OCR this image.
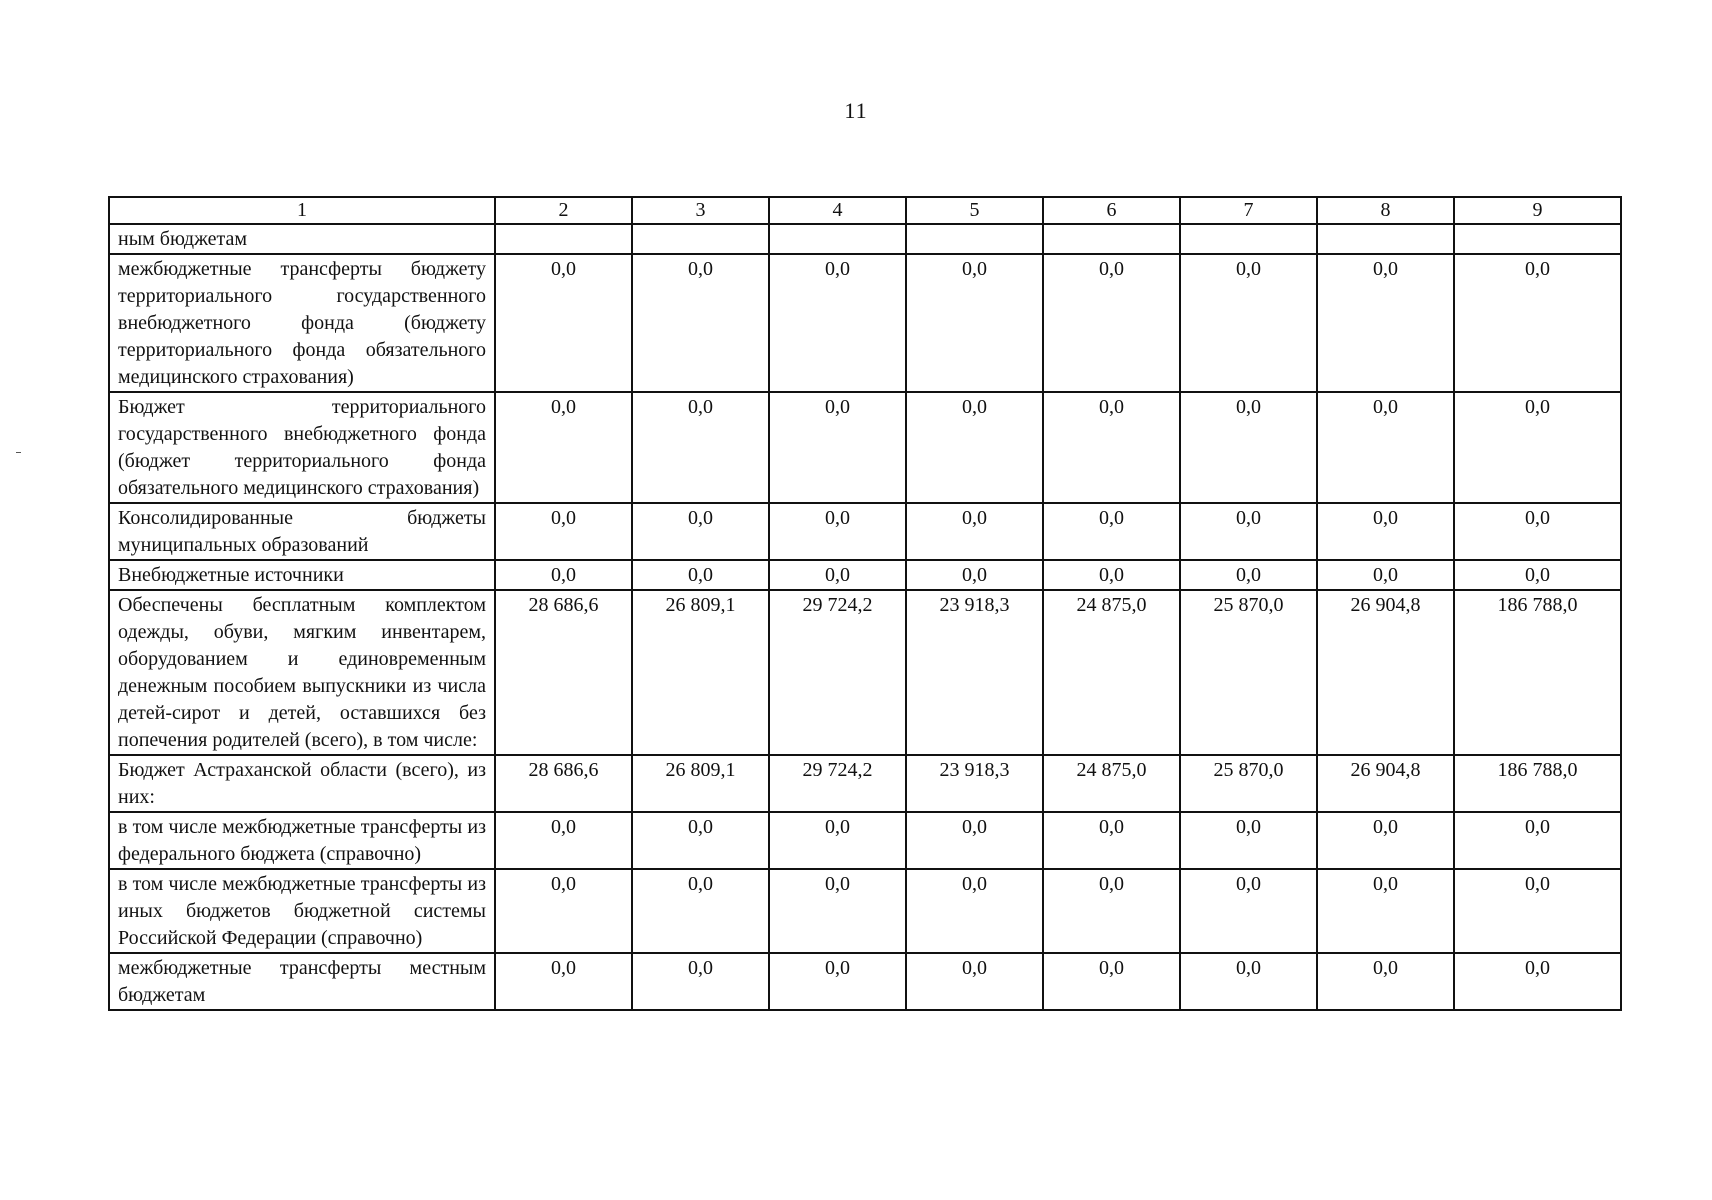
11
1	2	3	4	5	6	7	8	9
ным бюджетам								
межбюджетные трансферты бюджету территориального государственного внебюджетного фонда (бюджету территориального фонда обязательного медицинского страхования)	0,0	0,0	0,0	0,0	0,0	0,0	0,0	0,0
Бюджет территориального государственного внебюджетного фонда (бюджет территориального фонда обязательного медицинского страхования)	0,0	0,0	0,0	0,0	0,0	0,0	0,0	0,0
Консолидированные бюджеты муниципальных образований	0,0	0,0	0,0	0,0	0,0	0,0	0,0	0,0
Внебюджетные источники	0,0	0,0	0,0	0,0	0,0	0,0	0,0	0,0
Обеспечены бесплатным комплектом одежды, обуви, мягким инвентарем, оборудованием и единовременным денежным пособием выпускники из числа детей-сирот и детей, оставшихся без попечения родителей (всего), в том числе:	28 686,6	26 809,1	29 724,2	23 918,3	24 875,0	25 870,0	26 904,8	186 788,0
Бюджет Астраханской области (всего), из них:	28 686,6	26 809,1	29 724,2	23 918,3	24 875,0	25 870,0	26 904,8	186 788,0
в том числе межбюджетные трансферты из федерального бюджета (справочно)	0,0	0,0	0,0	0,0	0,0	0,0	0,0	0,0
в том числе межбюджетные трансферты из иных бюджетов бюджетной системы Российской Федерации (справочно)	0,0	0,0	0,0	0,0	0,0	0,0	0,0	0,0
межбюджетные трансферты местным бюджетам	0,0	0,0	0,0	0,0	0,0	0,0	0,0	0,0
